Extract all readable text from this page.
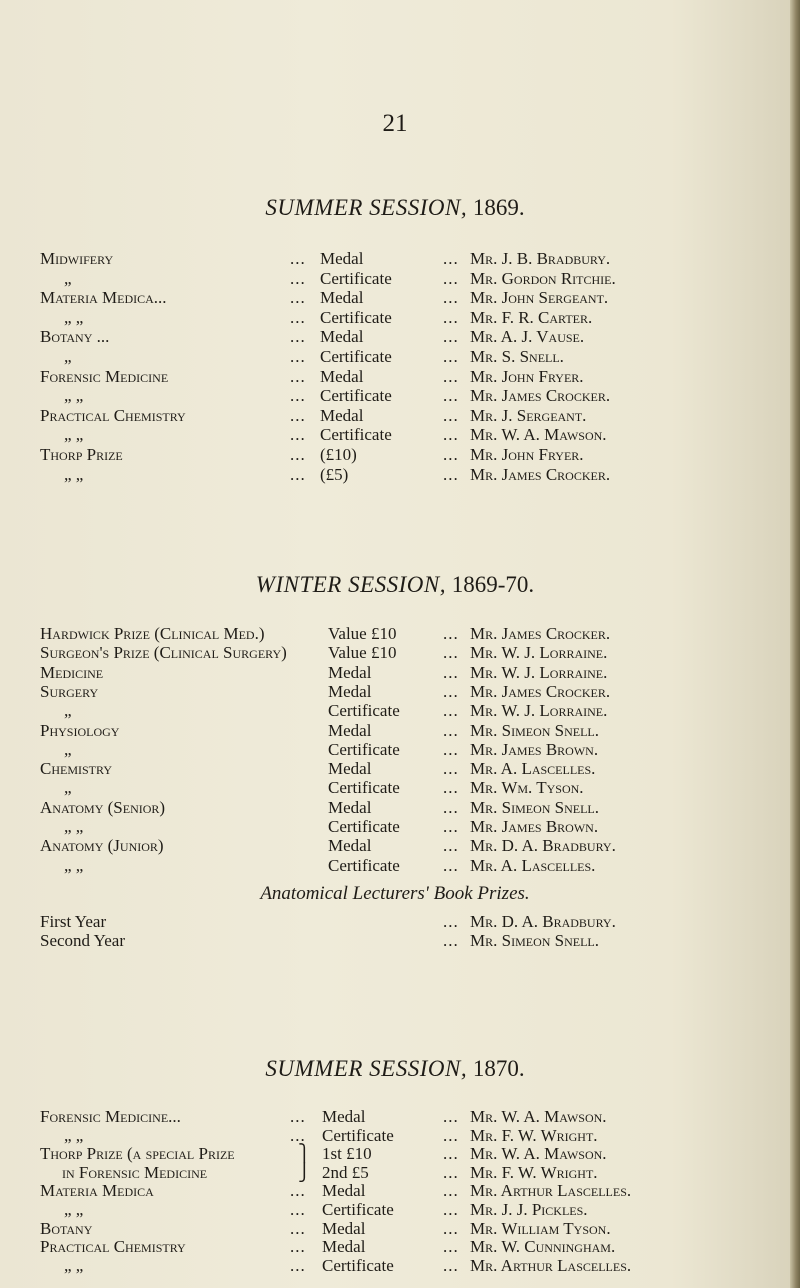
21
SUMMER SESSION, 1869.
Midwifery	... Medal	... Mr. J. B. Bradbury.
„	... Certificate	... Mr. Gordon Ritchie.
Materia Medica...	... Medal	... Mr. John Sergeant.
„ „	... Certificate	... Mr. F. R. Carter.
Botany ...	... Medal	... Mr. A. J. Vause.
„	... Certificate	... Mr. S. Snell.
Forensic Medicine	... Medal	... Mr. John Fryer.
„ „	... Certificate	... Mr. James Crocker.
Practical Chemistry	... Medal	... Mr. J. Sergeant.
„ „	... Certificate	... Mr. W. A. Mawson.
Thorp Prize	... (£10)	... Mr. John Fryer.
„ „	... (£5)	... Mr. James Crocker.
WINTER SESSION, 1869-70.
Hardwick Prize (Clinical Med.)	Value £10	... Mr. James Crocker.
Surgeon's Prize (Clinical Surgery) Value £10	... Mr. W. J. Lorraine.
Medicine	Medal	... Mr. W. J. Lorraine.
Surgery	Medal	... Mr. James Crocker.
„	Certificate	... Mr. W. J. Lorraine.
Physiology	Medal	... Mr. Simeon Snell.
„	Certificate	... Mr. James Brown.
Chemistry	Medal	... Mr. A. Lascelles.
„	Certificate	... Mr. Wm. Tyson.
Anatomy (Senior)	Medal	... Mr. Simeon Snell.
„ „	Certificate	... Mr. James Brown.
Anatomy (Junior)	Medal	... Mr. D. A. Bradbury.
„ „	Certificate	... Mr. A. Lascelles.
Anatomical Lecturers' Book Prizes.
First Year	... Mr. D. A. Bradbury.
Second Year	... Mr. Simeon Snell.
SUMMER SESSION, 1870.
Forensic Medicine...	... Medal	... Mr. W. A. Mawson.
„ „	... Certificate	... Mr. F. W. Wright.
Thorp Prize (a special Prize	⎫ 1st £10	... Mr. W. A. Mawson.
in Forensic Medicine	⎭ 2nd £5	... Mr. F. W. Wright.
Materia Medica	... Medal	... Mr. Arthur Lascelles.
„ „	... Certificate	... Mr. J. J. Pickles.
Botany	... Medal	... Mr. William Tyson.
Practical Chemistry	... Medal	... Mr. W. Cunningham.
„ „	... Certificate	... Mr. Arthur Lascelles.
